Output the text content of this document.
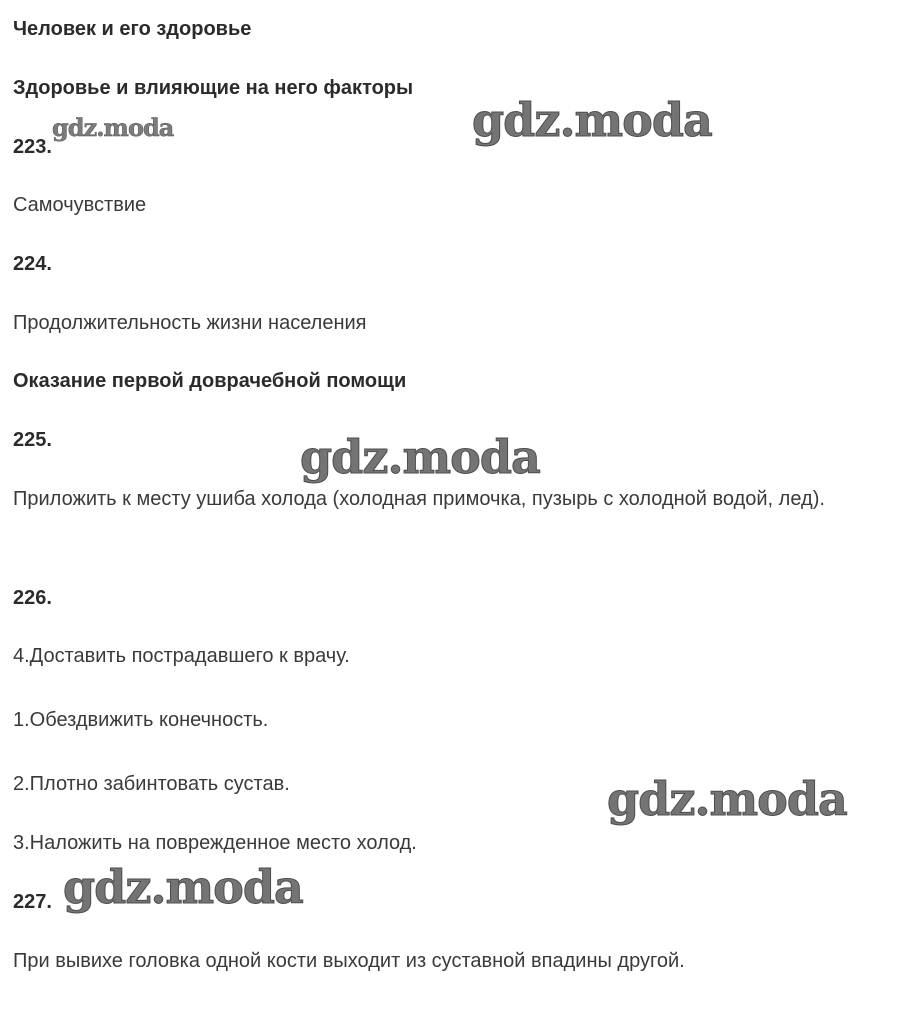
Человек и его здоровье
Здоровье и влияющие на него факторы
223.
Самочувствие
224.
Продолжительность жизни населения
Оказание первой доврачебной помощи
225.

Приложить к месту ушиба холода (холодная примочка, пузырь с холодной водой, лед).

226.
4.Доставить пострадавшего к врачу.
1.Обездвижить конечность.
2.Плотно забинтовать сустав.
3.Наложить на поврежденное место холод.
227.
При вывихе головка одной кости выходит из суставной впадины другой.
gdz.moda	gdz.moda
gdz.moda
gdz.moda
gdz.moda
